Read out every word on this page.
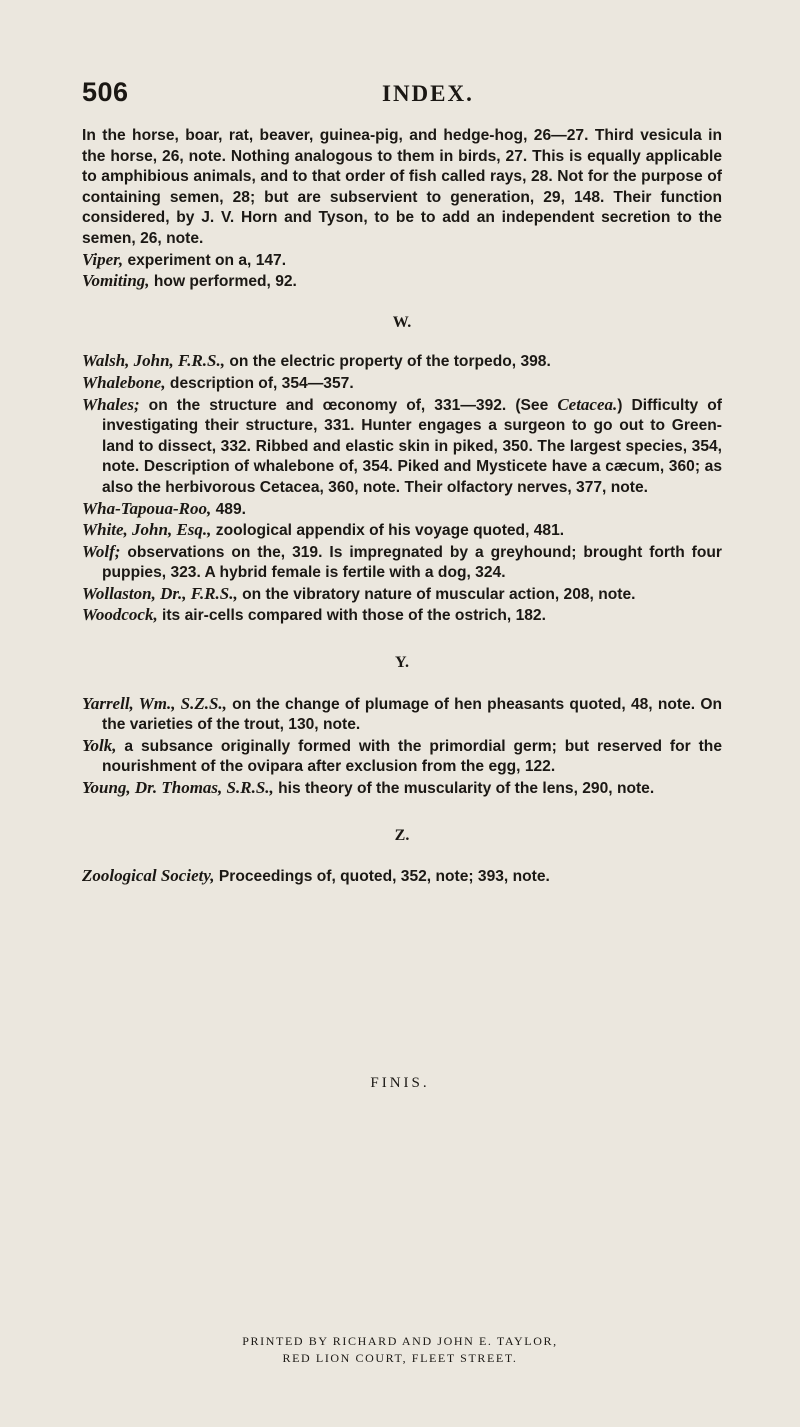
506	INDEX.

In the horse, boar, rat, beaver, guinea-pig, and hedge-hog, 26—27. Third vesicula in the horse, 26, note. Nothing analogous to them in birds, 27. This is equally applicable to amphibious animals, and to that order of fish called rays, 28. Not for the purpose of containing semen, 28; but are subservient to generation, 29, 148. Their function considered, by J. V. Horn and Tyson, to be to add an independent secretion to the semen, 26, note.

Viper, experiment on a, 147.

Vomiting, how performed, 92.

W.

Walsh, John, F.R.S., on the electric property of the torpedo, 398.

Whalebone, description of, 354—357.

Whales; on the structure and œconomy of, 331—392. (See Cetacea.) Difficulty of investigating their structure, 331. Hunter engages a surgeon to go out to Green-land to dissect, 332. Ribbed and elastic skin in piked, 350. The largest species, 354, note. Description of whalebone of, 354. Piked and Mysticete have a cæcum, 360; as also the herbivorous Cetacea, 360, note. Their olfactory nerves, 377, note.

Wha-Tapoua-Roo, 489.

White, John, Esq., zoological appendix of his voyage quoted, 481.

Wolf; observations on the, 319. Is impregnated by a greyhound; brought forth four puppies, 323. A hybrid female is fertile with a dog, 324.

Wollaston, Dr., F.R.S., on the vibratory nature of muscular action, 208, note.

Woodcock, its air-cells compared with those of the ostrich, 182.

Y.

Yarrell, Wm., S.Z.S., on the change of plumage of hen pheasants quoted, 48, note. On the varieties of the trout, 130, note.

Yolk, a subsance originally formed with the primordial germ; but reserved for the nourishment of the ovipara after exclusion from the egg, 122.

Young, Dr. Thomas, S.R.S., his theory of the muscularity of the lens, 290, note.

Z.

Zoological Society, Proceedings of, quoted, 352, note; 393, note.

FINIS.
PRINTED BY RICHARD AND JOHN E. TAYLOR,
RED LION COURT, FLEET STREET.
